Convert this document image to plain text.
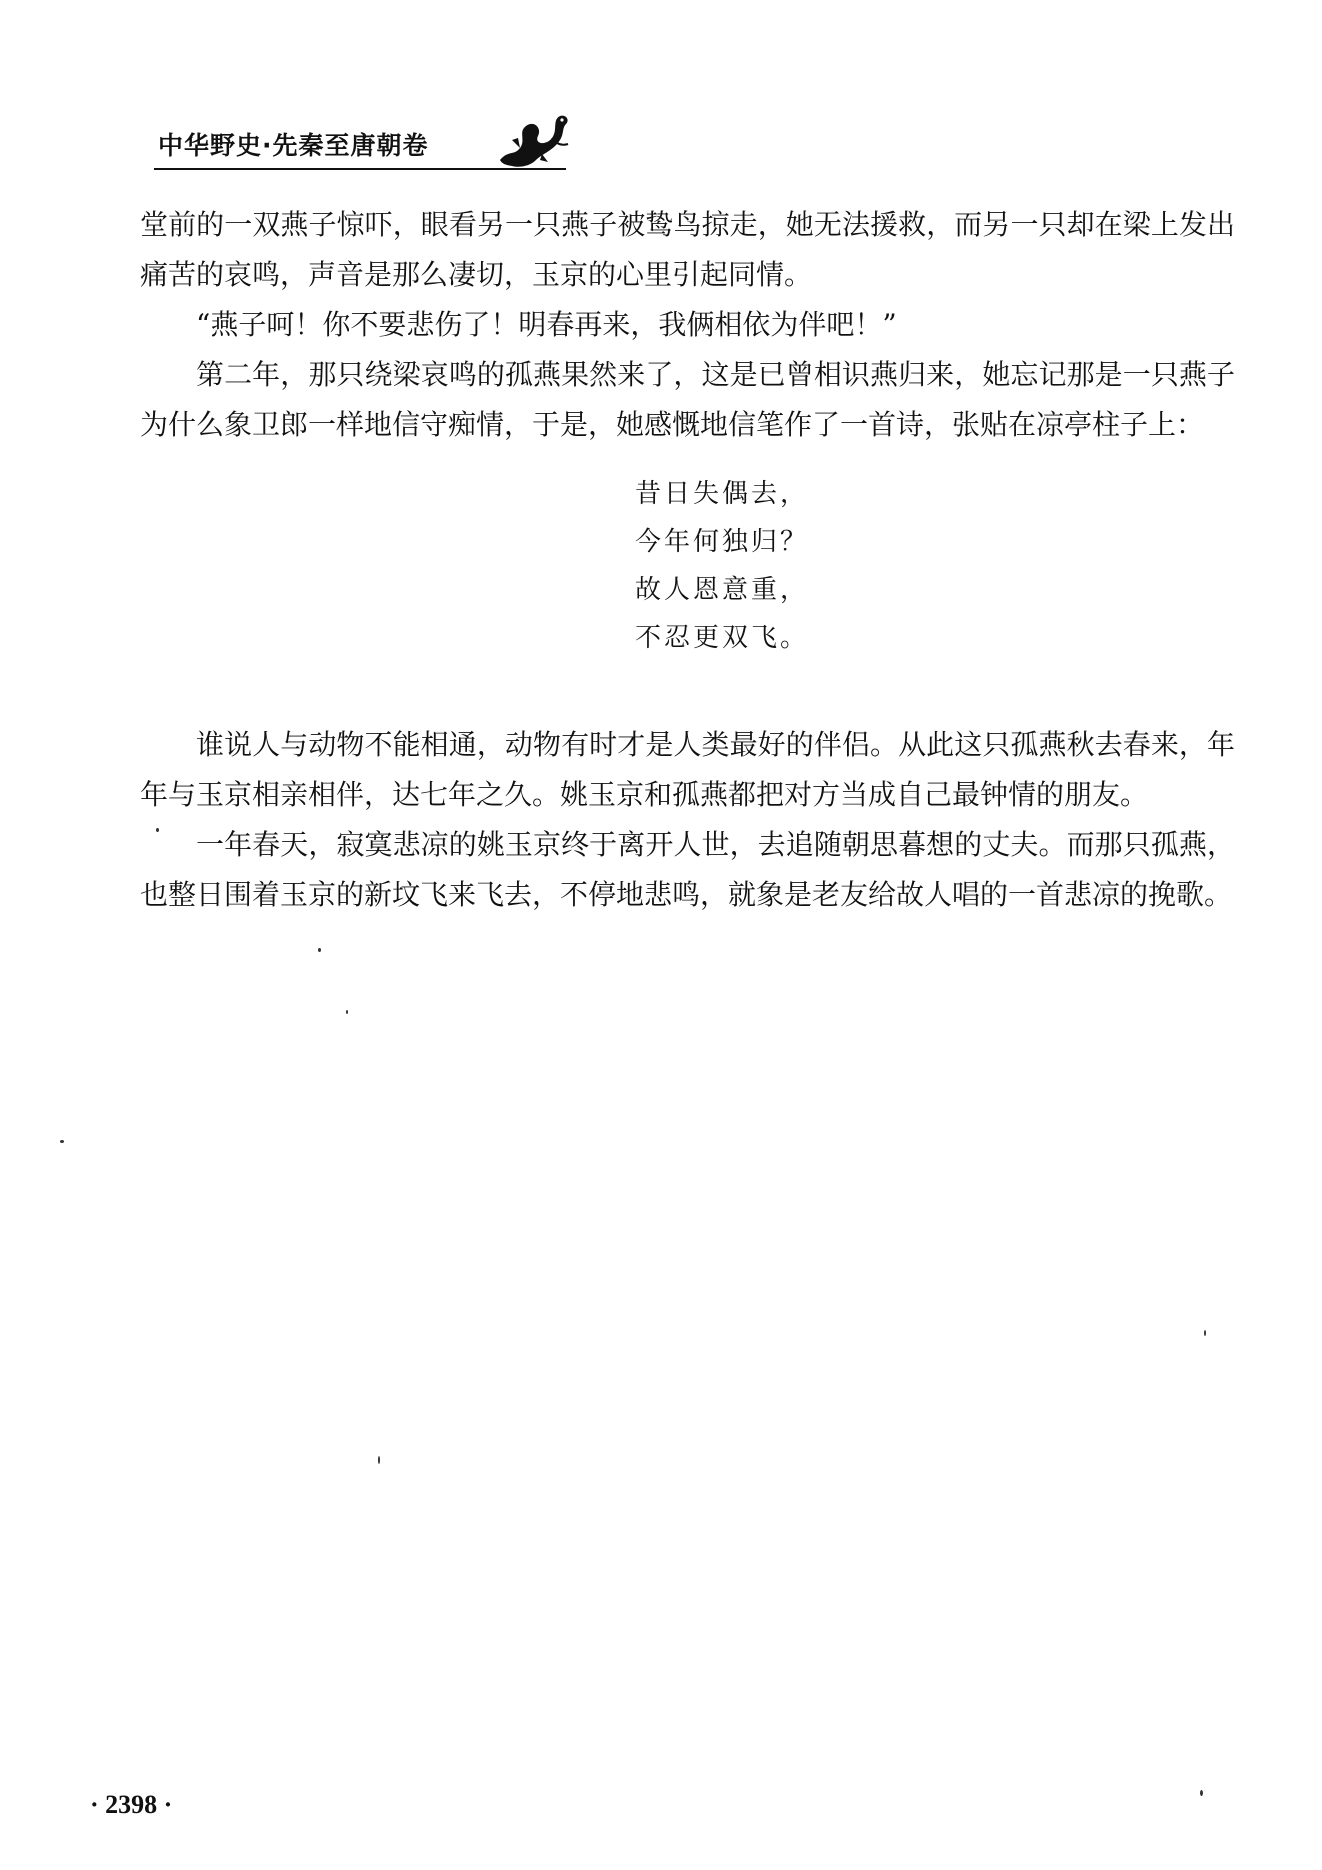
中华野史·先秦至唐朝卷

堂前的一双燕子惊吓，眼看另一只燕子被鸷鸟掠走，她无法援救，而另一只却在梁上发出痛苦的哀鸣，声音是那么凄切，玉京的心里引起同情。

“燕子呵！你不要悲伤了！明春再来，我俩相依为伴吧！”

第二年，那只绕梁哀鸣的孤燕果然来了，这是已曾相识燕归来，她忘记那是一只燕子为什么象卫郎一样地信守痴情，于是，她感慨地信笔作了一首诗，张贴在凉亭柱子上：

昔日失偶去，
今年何独归？
故人恩意重，
不忍更双飞。

谁说人与动物不能相通，动物有时才是人类最好的伴侣。从此这只孤燕秋去春来，年年与玉京相亲相伴，达七年之久。姚玉京和孤燕都把对方当成自己最钟情的朋友。

一年春天，寂寞悲凉的姚玉京终于离开人世，去追随朝思暮想的丈夫。而那只孤燕，也整日围着玉京的新坟飞来飞去，不停地悲鸣，就象是老友给故人唱的一首悲凉的挽歌。

· 2398 ·
